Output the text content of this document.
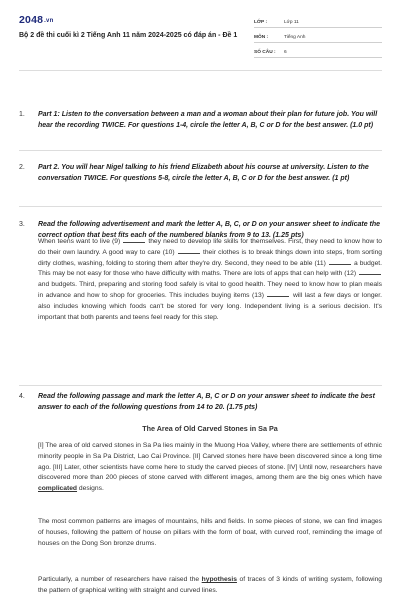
2048.vn
Bộ 2 đề thi cuối kì 2 Tiếng Anh 11 năm 2024-2025 có đáp án - Đề 1
LỚP :	Lớp 11
MÔN :	Tiếng Anh
SỐ CÂU : 6
1. Part 1: Listen to the conversation between a man and a woman about their plan for future job. You will hear the recording TWICE. For questions 1-4, circle the letter A, B, C or D for the best answer. (1.0 pt)
2. Part 2. You will hear Nigel talking to his friend Elizabeth about his course at university. Listen to the conversation TWICE. For questions 5-8, circle the letter A, B, C or D for the best answer. (1 pt)
3. Read the following advertisement and mark the letter A, B, C, or D on your answer sheet to indicate the correct option that best fits each of the numbered blanks from 9 to 13. (1.25 pts)

When teens want to live (9)	they need to develop life skills for themselves. First, they need to know how to do their own laundry. A good way to care (10)	their clothes is to break things down into steps, from sorting dirty clothes, washing, folding to storing them after they're dry. Second, they need to be able (11)	a budget. This may be not easy for those who have difficulty with maths. There are lots of apps that can help with (12)  and budgets. Third, preparing and storing food safely is vital to good health. They need to know how to plan meals in advance and how to shop for groceries. This includes buying items (13)	will last a few days or longer. also includes knowing which foods can't be stored for very long. Independent living is a serious decision. It's important that both parents and teens feel ready for this step.

4. Read the following passage and mark the letter A, B, C or D on your answer sheet to indicate the best answer to each of the following questions from 14 to 20. (1.75 pts)
The Area of Old Carved Stones in Sa Pa

[I] The area of old carved stones in Sa Pa lies mainly in the Muong Hoa Valley, where there are settlements of ethnic minority people in Sa Pa District, Lao Cai Province. [II] Carved stones here have been discovered since a long time ago. [III] Later, other scientists have come here to study the carved pieces of stone. [IV] Until now, researchers have discovered more than 200 pieces of stone carved with different images, among them are the big ones which have complicated designs.

The most common patterns are images of mountains, hills and fields. In some pieces of stone, we can find images of houses, following the pattern of house on pillars with the form of boat, with curved roof, reminding the image of houses on the Dong Son bronze drums.

Particularly, a number of researchers have raised the hypothesis of traces of 3 kinds of writing system, following the pattern of graphical writing with straight and curved lines.
